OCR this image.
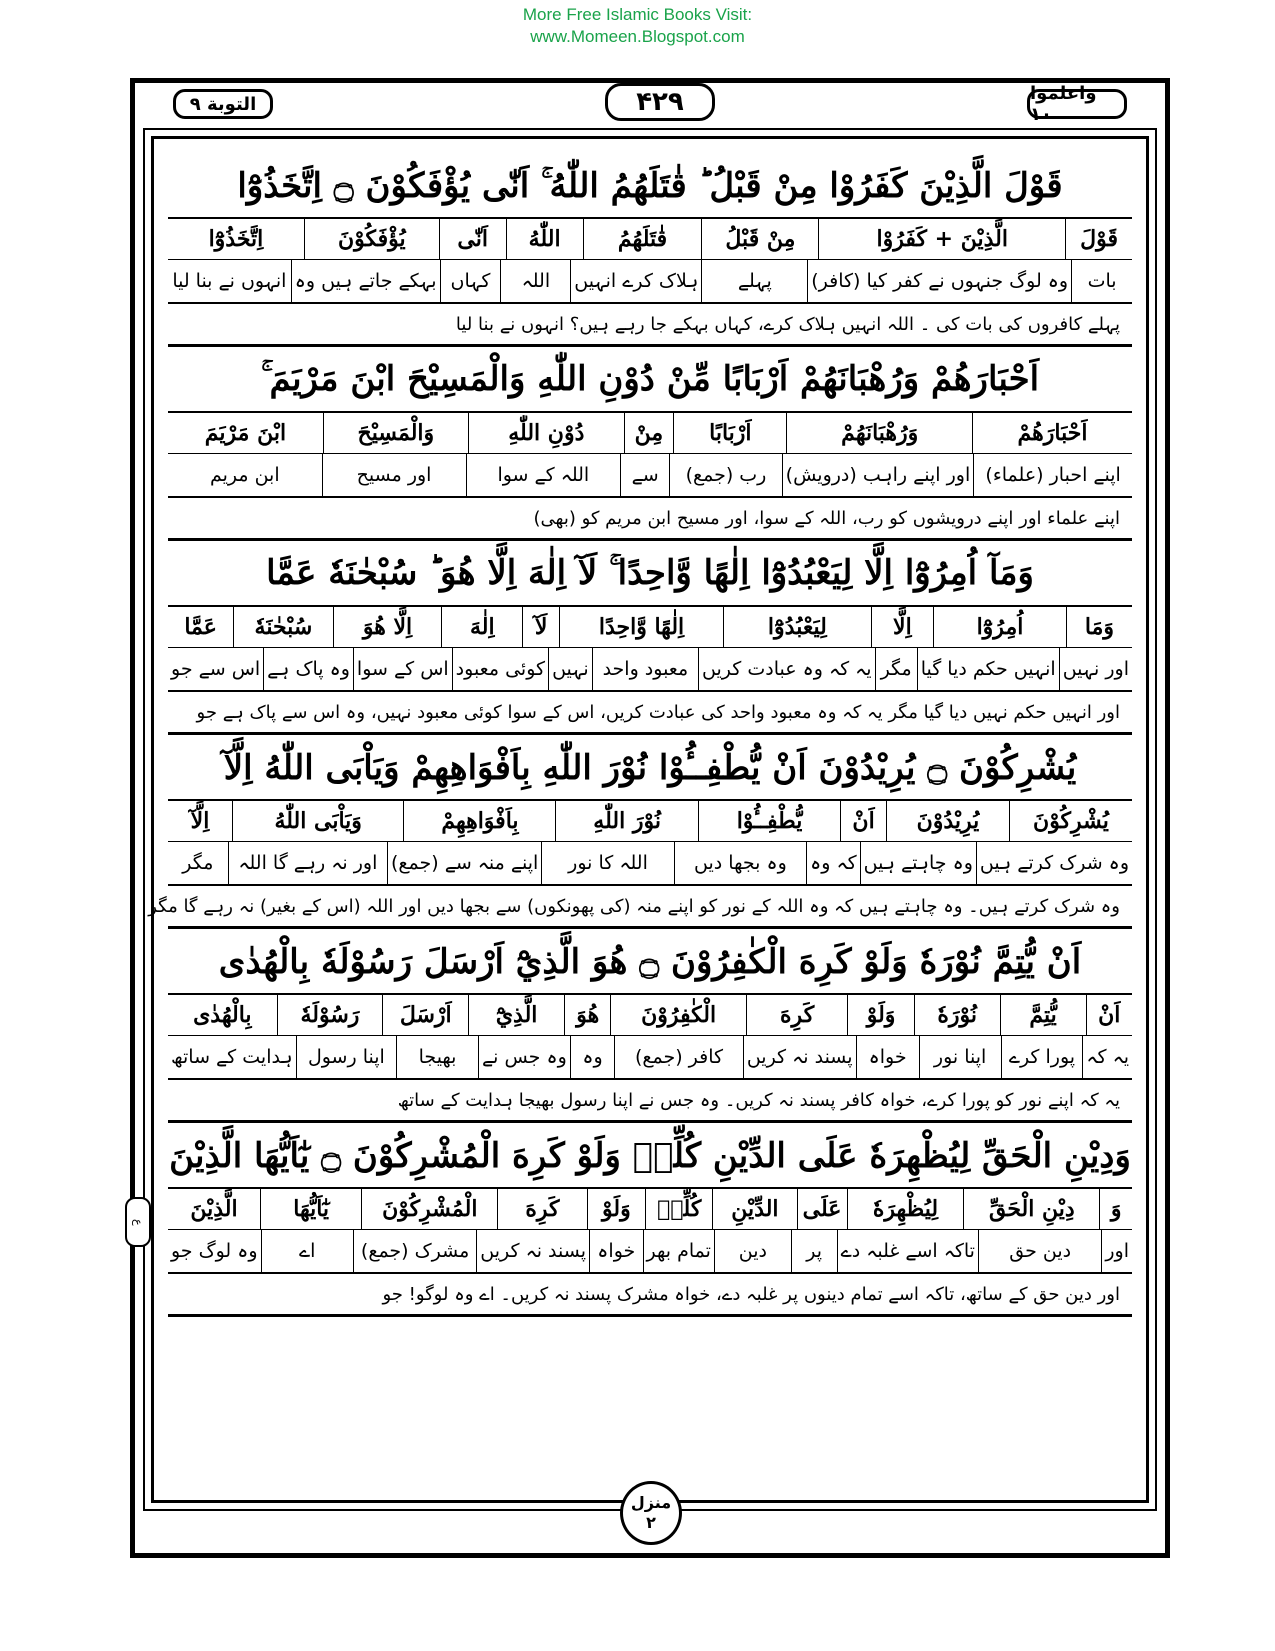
More Free Islamic Books Visit:
www.Momeen.Blogspot.com
التوبة ۹	۴۲۹	واعلموا ۱۰
قَوْلَ الَّذِيْنَ كَفَرُوْا مِنْ قَبْلُ ؕ قٰتَلَهُمُ اللّٰهُ ۚ اَنّٰى يُؤْفَكُوْنَ ۝ اِتَّخَذُوْٓا
قَوْلَ
الَّذِيْنَ + كَفَرُوْا
مِنْ قَبْلُ
قٰتَلَهُمُ
اللّٰهُ
اَنّٰى
يُؤْفَكُوْنَ
اِتَّخَذُوْٓا
بات
وہ لوگ جنہوں نے کفر کیا (کافر)
پہلے
ہلاک کرے انہیں
اللہ
کہاں
بہکے جاتے ہیں وہ
انہوں نے بنا لیا
پہلے کافروں کی بات کی ۔ اللہ انہیں ہلاک کرے، کہاں بہکے جا رہے ہیں؟ انہوں نے بنا لیا
اَحْبَارَهُمْ وَرُهْبَانَهُمْ اَرْبَابًا مِّنْ دُوْنِ اللّٰهِ وَالْمَسِيْحَ ابْنَ مَرْيَمَ ۚ
اَحْبَارَهُمْ
وَرُهْبَانَهُمْ
اَرْبَابًا
مِنْ
دُوْنِ اللّٰهِ
وَالْمَسِيْحَ
ابْنَ مَرْيَمَ
اپنے احبار (علماء)
اور اپنے راہب (درویش)
رب (جمع)
سے
اللہ کے سوا
اور مسیح
ابن مریم
اپنے علماء اور اپنے درویشوں کو رب، اللہ کے سوا، اور مسیح ابن مریم کو (بھی)
وَمَآ اُمِرُوْٓا اِلَّا لِيَعْبُدُوْٓا اِلٰهًا وَّاحِدًا ۚ لَآ اِلٰهَ اِلَّا هُوَ ؕ سُبْحٰنَهٗ عَمَّا
وَمَا
اُمِرُوْٓا
اِلَّا
لِيَعْبُدُوْٓا
اِلٰهًا وَّاحِدًا
لَآ
اِلٰهَ
اِلَّا هُوَ
سُبْحٰنَهٗ
عَمَّا
اور نہیں
انہیں حکم دیا گیا
مگر
یہ کہ وہ عبادت کریں
معبود واحد
نہیں
کوئی معبود
اس کے سوا
وہ پاک ہے
اس سے جو
اور انہیں حکم نہیں دیا گیا مگر یہ کہ وہ معبود واحد کی عبادت کریں، اس کے سوا کوئی معبود نہیں، وہ اس سے پاک ہے جو
يُشْرِكُوْنَ ۝ يُرِيْدُوْنَ اَنْ يُّطْفِــُٔوْا نُوْرَ اللّٰهِ بِاَفْوَاهِهِمْ وَيَاْبَى اللّٰهُ اِلَّآ
يُشْرِكُوْنَ
يُرِيْدُوْنَ
اَنْ
يُّطْفِــُٔوْا
نُوْرَ اللّٰهِ
بِاَفْوَاهِهِمْ
وَيَاْبَى اللّٰهُ
اِلَّآ
وہ شرک کرتے ہیں
وہ چاہتے ہیں
کہ وہ
وہ بجھا دیں
اللہ کا نور
اپنے منہ سے (جمع)
اور نہ رہے گا اللہ
مگر
وہ شرک کرتے ہیں۔ وہ چاہتے ہیں کہ وہ اللہ کے نور کو اپنے منہ (کی پھونکوں) سے بجھا دیں اور اللہ (اس کے بغیر) نہ رہے گا مگر
اَنْ يُّتِمَّ نُوْرَهٗ وَلَوْ كَرِهَ الْكٰفِرُوْنَ ۝ هُوَ الَّذِيْٓ اَرْسَلَ رَسُوْلَهٗ بِالْهُدٰى
اَنْ
يُّتِمَّ
نُوْرَهٗ
وَلَوْ
كَرِهَ
الْكٰفِرُوْنَ
هُوَ
الَّذِيْٓ
اَرْسَلَ
رَسُوْلَهٗ
بِالْهُدٰى
یہ کہ
پورا کرے
اپنا نور
خواہ
پسند نہ کریں
کافر (جمع)
وہ
وہ جس نے
بھیجا
اپنا رسول
ہدایت کے ساتھ
یہ کہ اپنے نور کو پورا کرے، خواہ کافر پسند نہ کریں۔ وہ جس نے اپنا رسول بھیجا ہدایت کے ساتھ
وَدِيْنِ الْحَقِّ لِيُظْهِرَهٗ عَلَى الدِّيْنِ كُلِّهٖ وَلَوْ كَرِهَ الْمُشْرِكُوْنَ ۝ يٰٓاَيُّهَا الَّذِيْنَ
وَ
دِيْنِ الْحَقِّ
لِيُظْهِرَهٗ
عَلَى
الدِّيْنِ
كُلِّهٖ
وَلَوْ
كَرِهَ
الْمُشْرِكُوْنَ
يٰٓاَيُّهَا
الَّذِيْنَ
اور
دین حق
تاکہ اسے غلبہ دے
پر
دین
تمام بھر
خواہ
پسند نہ کریں
مشرک (جمع)
اے
وہ لوگ جو
اور دین حق کے ساتھ، تاکہ اسے تمام دینوں پر غلبہ دے، خواہ مشرک پسند نہ کریں۔ اے وہ لوگو! جو
ع
منزل
۲
